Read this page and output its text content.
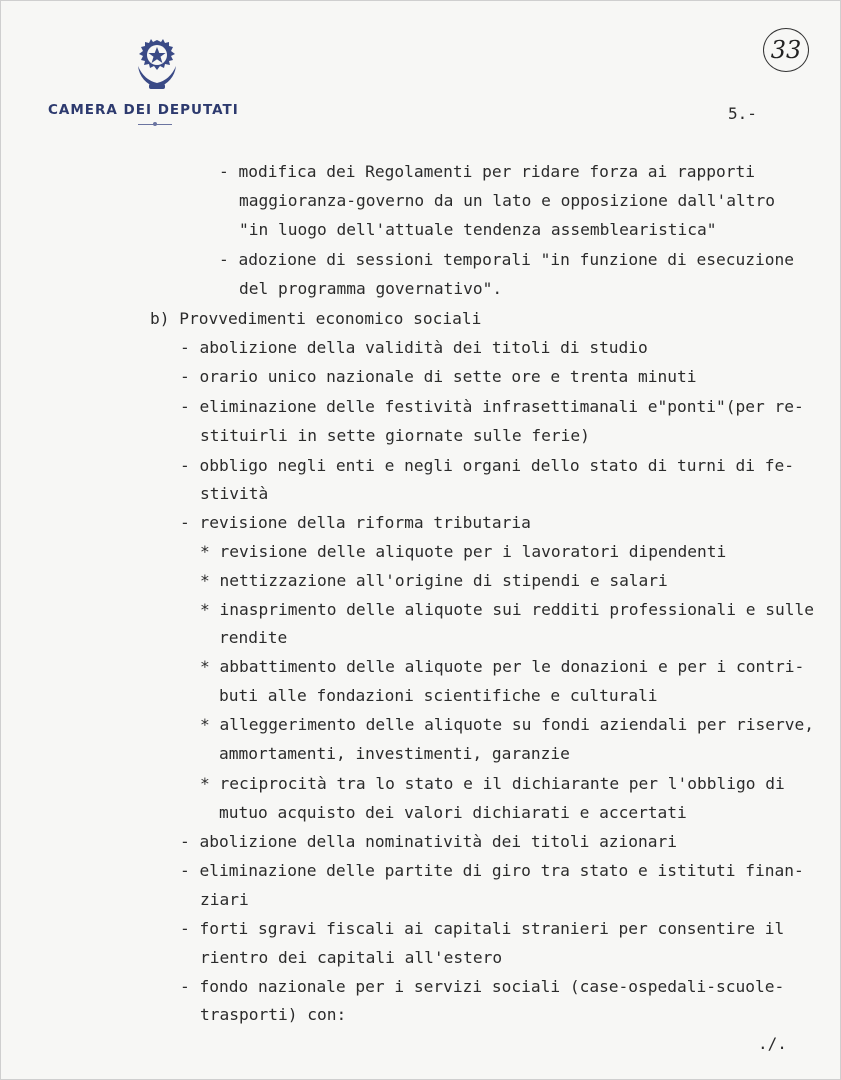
CAMERA DEI DEPUTATI
33
5.-
- modifica dei Regolamenti per ridare forza ai rapporti
maggioranza-governo da un lato e opposizione dall'altro
"in luogo dell'attuale tendenza assemblearistica"
- adozione di sessioni temporali "in funzione di esecuzione
del programma governativo".
b) Provvedimenti economico sociali
- abolizione della validità dei titoli di studio
- orario unico nazionale di sette ore e trenta minuti
- eliminazione delle festività infrasettimanali e"ponti"(per re-
stituirli in sette giornate sulle ferie)
- obbligo negli enti e negli organi dello stato di turni di fe-
stività
- revisione della riforma tributaria
* revisione delle aliquote per i lavoratori dipendenti
* nettizzazione all'origine di stipendi e salari
* inasprimento delle aliquote sui redditi professionali e sulle
rendite
* abbattimento delle aliquote per le donazioni e per i contri-
buti alle fondazioni scientifiche e culturali
* alleggerimento delle aliquote su fondi aziendali per riserve,
ammortamenti, investimenti, garanzie
* reciprocità tra lo stato e il dichiarante per l'obbligo di
mutuo acquisto dei valori dichiarati e accertati
- abolizione della nominatività dei titoli azionari
- eliminazione delle partite di giro tra stato e istituti finan-
ziari
- forti sgravi fiscali ai capitali stranieri per consentire il
rientro dei capitali all'estero
- fondo nazionale per i servizi sociali (case-ospedali-scuole-
trasporti) con:
./.
